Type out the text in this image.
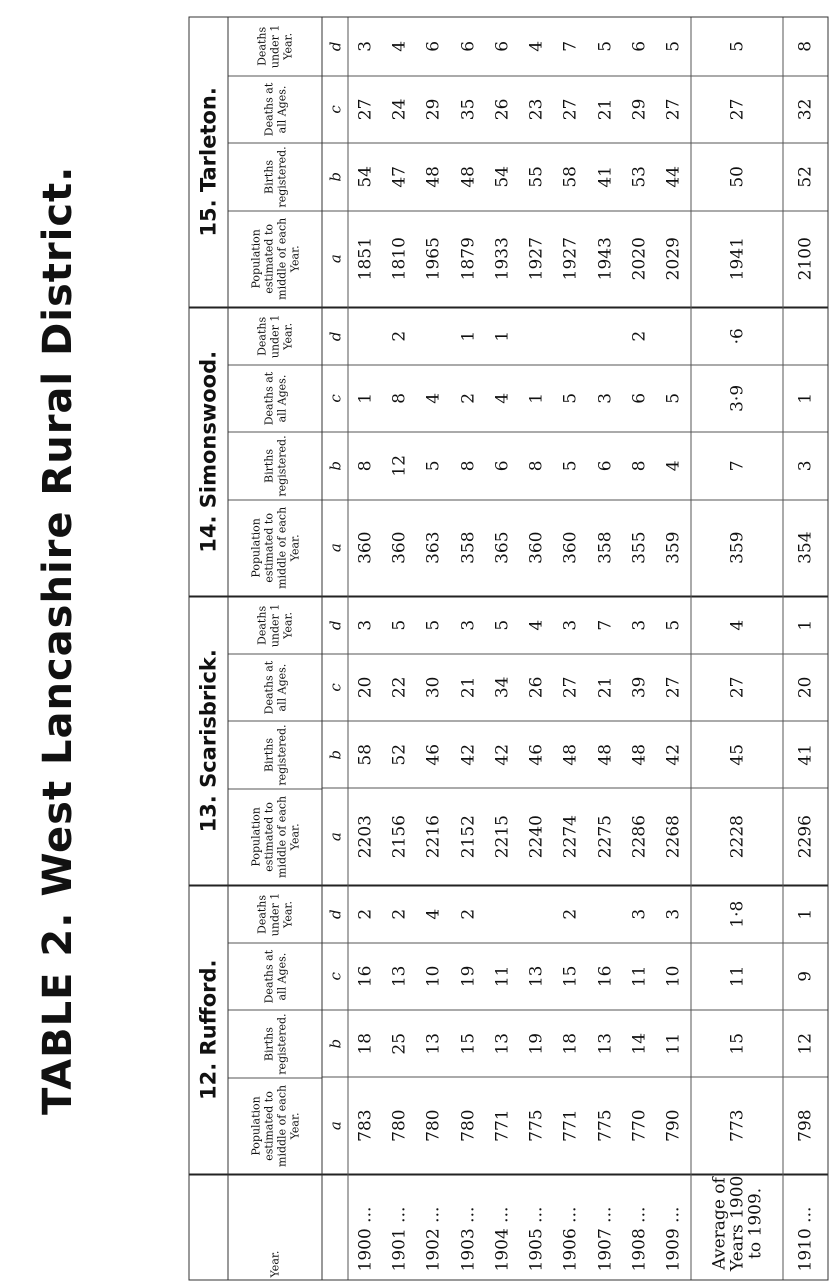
TABLE 2. West Lancashire Rural District.	12. Rufford.
13. Scarisbrick.
14. Simonswood.
15. Tarleton.
Year.
Population estimated to middle of each Year.
Births registered.
Deaths at all Ages.
Deaths under 1 Year.
Population estimated to middle of each Year.
Births registered.
Deaths at all Ages.
Deaths under 1 Year.
Population estimated to middle of each Year.
Births registered.
Deaths at all Ages.
Deaths under 1 Year.
Population estimated to middle of each Year.
Births registered.
Deaths at all Ages.
Deaths under 1 Year.
a
b
c
d
a
b
c
d
a
b
c
d
a
b
c
d
1900 ...
783
18
16
2
2203
58
20
3
360
8
1
1851
54
27
3
1901 ...
780
25
13
2
2156
52
22
5
360
12
8
2
1810
47
24
4
1902 ...
780
13
10
4
2216
46
30
5
363
5
4
1965
48
29
6
1903 ...
780
15
19
2
2152
42
21
3
358
8
2
1
1879
48
35
6
1904 ...
771
13
11
2215
42
34
5
365
6
4
1
1933
54
26
6
1905 ...
775
19
13
2240
46
26
4
360
8
1
1927
55
23
4
1906 ...
771
18
15
2
2274
48
27
3
360
5
5
1927
58
27
7
1907 ...
775
13
16
2275
48
21
7
358
6
3
1943
41
21
5
1908 ...
770
14
11
3
2286
48
39
3
355
8
6
2
2020
53
29
6
1909 ...
790
11
10
3
2268
42
27
5
359
4
5
2029
44
27
5
Average of Years 1900 to 1909.
773
15
11
1·8
2228
45
27
4
359
7
3·9
·6
1941
50
27
5
1910 ...
798
12
9
1
2296
41
20
1
354
3
1
2100
52
32
8
